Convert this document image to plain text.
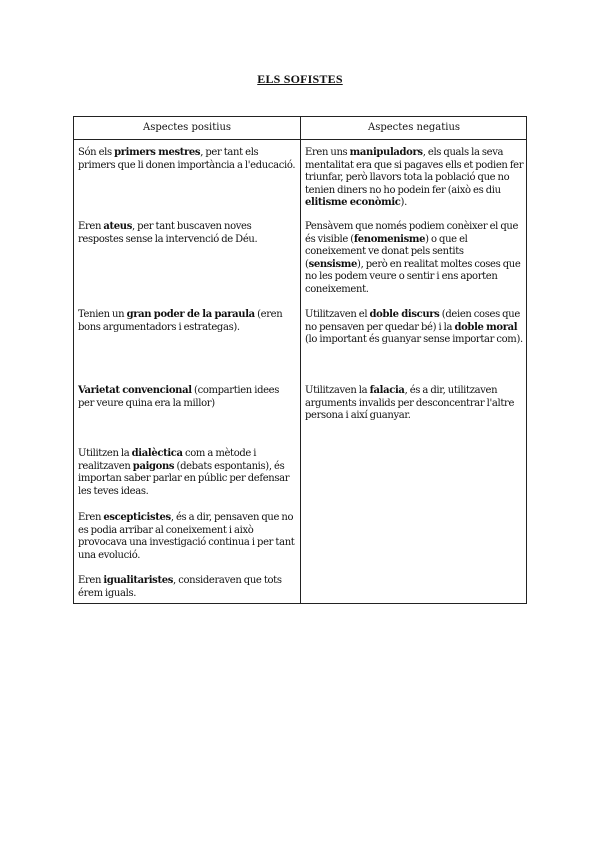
ELS SOFISTES
Aspectes positius	Aspectes negatius
Són els primers mestres, per tant els primers que li donen importància a l'educació.
Eren ateus, per tant buscaven noves respostes sense la intervenció de Déu.
Tenien un gran poder de la paraula (eren bons argumentadors i estrategas).
Varietat convencional (compartien idees per veure quina era la millor)
Utilitzen la dialèctica com a mètode i realitzaven paigons (debats espontanis), és importan saber parlar en públic per defensar les teves ideas.
Eren escepticistes, és a dir, pensaven que no es podia arribar al coneixement i això provocava una investigació continua i per tant una evolució.
Eren igualitaristes, consideraven que tots érem iguals.
Eren uns manipuladors, els quals la seva mentalitat era que si pagaves ells et podien fer triunfar, però llavors tota la població que no tenien diners no ho podein fer (això es diu elitisme econòmic).
Pensàvem que només podiem conèixer el que és visible (fenomenisme) o que el coneixement ve donat pels sentits (sensisme), però en realitat moltes coses que no les podem veure o sentir i ens aporten coneixement.
Utilitzaven el doble discurs (deien coses que no pensaven per quedar bé) i la doble moral (lo important és guanyar sense importar com).
Utilitzaven la falacia, és a dir, utilitzaven arguments invalids per desconcentrar l'altre persona i així guanyar.
